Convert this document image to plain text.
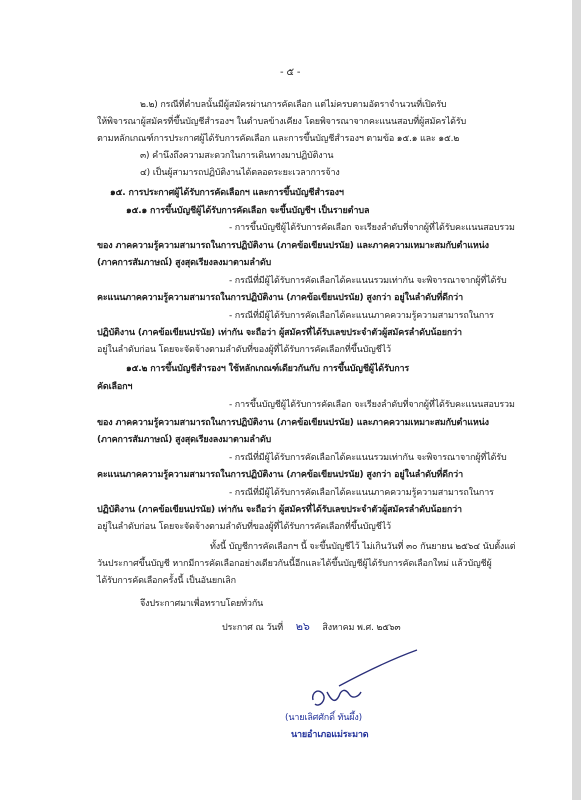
- ๕ -
๒.๒) กรณีที่ตำบลนั้นมีผู้สมัครผ่านการคัดเลือก แต่ไม่ครบตามอัตราจำนวนที่เปิดรับ
ให้พิจารณาผู้สมัครที่ขึ้นบัญชีสำรองฯ ในตำบลข้างเคียง โดยพิจารณาจากคะแนนสอบที่ผู้สมัครได้รับ
ตามหลักเกณฑ์การประกาศผู้ได้รับการคัดเลือก และการขึ้นบัญชีสำรองฯ ตามข้อ ๑๕.๑ และ ๑๕.๒
๓) คำนึงถึงความสะดวกในการเดินทางมาปฏิบัติงาน
๔) เป็นผู้สามารถปฏิบัติงานได้ตลอดระยะเวลาการจ้าง
๑๕. การประกาศผู้ได้รับการคัดเลือกฯ และการขึ้นบัญชีสำรองฯ
๑๕.๑ การขึ้นบัญชีผู้ได้รับการคัดเลือก จะขึ้นบัญชีฯ เป็นรายตำบล
- การขึ้นบัญชีผู้ได้รับการคัดเลือก จะเรียงลำดับที่จากผู้ที่ได้รับคะแนนสอบรวม
ของ ภาคความรู้ความสามารถในการปฏิบัติงาน (ภาคข้อเขียนปรนัย) และภาคความเหมาะสมกับตำแหน่ง
(ภาคการสัมภาษณ์) สูงสุดเรียงลงมาตามลำดับ
- กรณีที่มีผู้ได้รับการคัดเลือกได้คะแนนรวมเท่ากัน จะพิจารณาจากผู้ที่ได้รับ
คะแนนภาคความรู้ความสามารถในการปฏิบัติงาน (ภาคข้อเขียนปรนัย) สูงกว่า อยู่ในลำดับที่ดีกว่า
- กรณีที่มีผู้ได้รับการคัดเลือกได้คะแนนภาคความรู้ความสามารถในการ
ปฏิบัติงาน (ภาคข้อเขียนปรนัย) เท่ากัน จะถือว่า ผู้สมัครที่ได้รับเลขประจำตัวผู้สมัครลำดับน้อยกว่า
อยู่ในลำดับก่อน โดยจะจัดจ้างตามลำดับที่ของผู้ที่ได้รับการคัดเลือกที่ขึ้นบัญชีไว้
๑๕.๒ การขึ้นบัญชีสำรองฯ ใช้หลักเกณฑ์เดียวกันกับ การขึ้นบัญชีผู้ได้รับการ
คัดเลือกฯ
- การขึ้นบัญชีผู้ได้รับการคัดเลือก จะเรียงลำดับที่จากผู้ที่ได้รับคะแนนสอบรวม
ของ ภาคความรู้ความสามารถในการปฏิบัติงาน (ภาคข้อเขียนปรนัย) และภาคความเหมาะสมกับตำแหน่ง
(ภาคการสัมภาษณ์) สูงสุดเรียงลงมาตามลำดับ
- กรณีที่มีผู้ได้รับการคัดเลือกได้คะแนนรวมเท่ากัน จะพิจารณาจากผู้ที่ได้รับ
คะแนนภาคความรู้ความสามารถในการปฏิบัติงาน (ภาคข้อเขียนปรนัย) สูงกว่า อยู่ในลำดับที่ดีกว่า
- กรณีที่มีผู้ได้รับการคัดเลือกได้คะแนนภาคความรู้ความสามารถในการ
ปฏิบัติงาน (ภาคข้อเขียนปรนัย) เท่ากัน จะถือว่า ผู้สมัครที่ได้รับเลขประจำตัวผู้สมัครลำดับน้อยกว่า
อยู่ในลำดับก่อน โดยจะจัดจ้างตามลำดับที่ของผู้ที่ได้รับการคัดเลือกที่ขึ้นบัญชีไว้
ทั้งนี้ บัญชีการคัดเลือกฯ นี้ จะขึ้นบัญชีไว้ ไม่เกินวันที่ ๓๐ กันยายน ๒๕๖๔ นับตั้งแต่
วันประกาศขึ้นบัญชี หากมีการคัดเลือกอย่างเดียวกันนี้อีกและได้ขึ้นบัญชีผู้ได้รับการคัดเลือกใหม่ แล้วบัญชีผู้
ได้รับการคัดเลือกครั้งนี้ เป็นอันยกเลิก
จึงประกาศมาเพื่อทราบโดยทั่วกัน
ประกาศ ณ วันที่ ๒๖ สิงหาคม พ.ศ. ๒๕๖๓
(นายเลิศศักดิ์ ทันผึ้ง)
นายอำเภอแม่ระมาด
